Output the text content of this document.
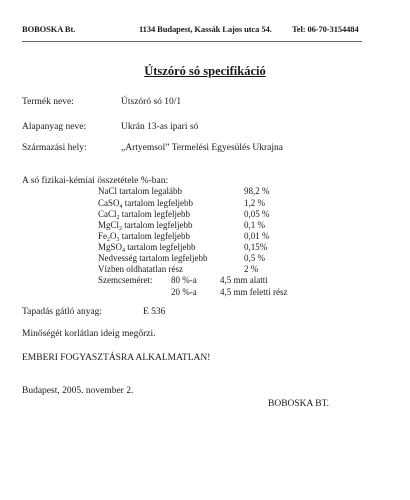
BOBOSKA Bt.	1134 Budapest, Kassák Lajos utca 54. Tel: 06-70-3154484
Útszóró só specifikáció
Termék neve:	Útszóró só 10/1
Alapanyag neve:	Ukrán 13-as ipari só
Származási hely:	„Artyemsol” Termelési Egyesülés Ukrajna
A só fizikai-kémiai összetétele %-ban:
NaCl tartalom legalább	98,2 %
CaSO$_4$ tartalom legfeljebb	1,2 %
CaCl$_2$ tartalom legfeljebb	0,05 %
MgCl$_2$ tartalom legfeljebb	0,1 %
$Fe_2O_3$ tartalom legfeljebb	0,01 %
MgSO$_4$ tartalom legfeljebb	0,15%
Nedvesség tartalom legfeljebb	0,5 %
Vízben oldhatatlan rész	2 %
Szemcseméret: 80 %-a	4,5 mm alatti
20 %-a	4,5 mm feletti rész
Tapadás gátló anyag:	E 536
Minőségét korlátlan ideig megőrzi.
EMBERI FOGYASZTÁSRA ALKALMATLAN!
Budapest, 2005. november 2.
BOBOSKA BT.
